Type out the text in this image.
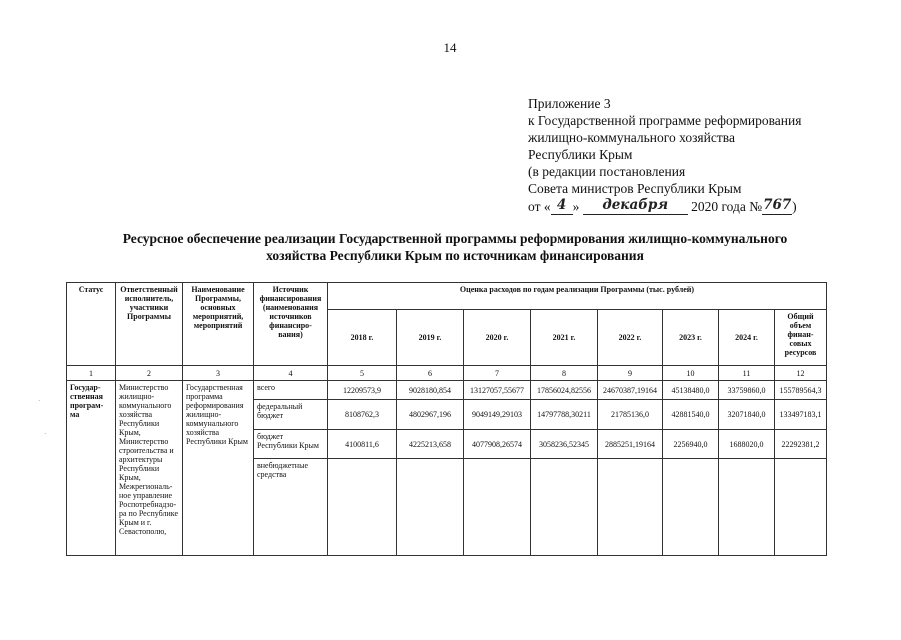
14
Приложение 3
к Государственной программе реформирования
жилищно-коммунального хозяйства
Республики Крым
(в редакции постановления
Совета министров Республики Крым
от « 4 »
	декабря
	2020 года № 767 )
Ресурсное обеспечение реализации Государственной программы реформирования жилищно-коммунального
хозяйства Республики Крым по источникам финансирования
·
·
Статус	Ответственный исполнитель, участники Программы	Наименование Программы, основных мероприятий, мероприятий	Источник финансирования (наименования источников финансиро-вания)	Оценка расходов по годам реализации Программы (тыс. рублей)							
				2018 г.	2019 г.	2020 г.	2021 г.	2022 г.	2023 г.	2024 г.	Общий объем финан-совых ресурсов
1	2	3	4	5	6	7	8	9	10	11	12
Государ-ственная програм-ма	Министерство жилищно-коммунального хозяйства Республики Крым, Министерство строительства и архитектуры Республики Крым, Межрегиональ-ное управление Роспотребнадзо-ра по Республике Крым и г. Севастополю,	Государственная программа реформирования жилищно-коммунального хозяйства Республики Крым	всего	12209573,9	9028180,854	13127057,55677	17856024,82556	24670387,19164	45138480,0	33759860,0	155789564,3
			федеральный бюджет	8108762,3	4802967,196	9049149,29103	14797788,30211	21785136,0	42881540,0	32071840,0	133497183,1
			бюджет Республики Крым	4100811,6	4225213,658	4077908,26574	3058236,52345	2885251,19164	2256940,0	1688020,0	22292381,2
			внебюджетные средства								
